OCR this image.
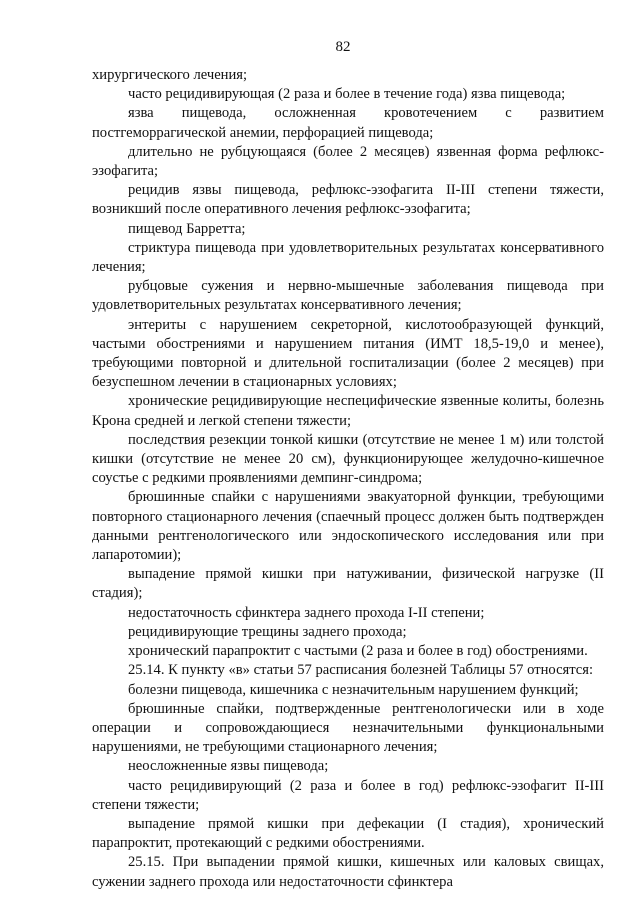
82

хирургического лечения;

часто рецидивирующая (2 раза и более в течение года) язва пищевода;

язва пищевода, осложненная кровотечением с развитием постгеморрагической анемии, перфорацией пищевода;

длительно не рубцующаяся (более 2 месяцев) язвенная форма рефлюкс-эзофагита;

рецидив язвы пищевода, рефлюкс-эзофагита II-III степени тяжести, возникший после оперативного лечения рефлюкс-эзофагита;

пищевод Барретта;

стриктура пищевода при удовлетворительных результатах консервативного лечения;

рубцовые сужения и нервно-мышечные заболевания пищевода при удовлетворительных результатах консервативного лечения;

энтериты с нарушением секреторной, кислотообразующей функций, частыми обострениями и нарушением питания (ИМТ 18,5-19,0 и менее), требующими повторной и длительной госпитализации (более 2 месяцев) при безуспешном лечении в стационарных условиях;

хронические рецидивирующие неспецифические язвенные колиты, болезнь Крона средней и легкой степени тяжести;

последствия резекции тонкой кишки (отсутствие не менее 1 м) или толстой кишки (отсутствие не менее 20 см), функционирующее желудочно-кишечное соустье с редкими проявлениями демпинг-синдрома;

брюшинные спайки с нарушениями эвакуаторной функции, требующими повторного стационарного лечения (спаечный процесс должен быть подтвержден данными рентгенологического или эндоскопического исследования или при лапаротомии);

выпадение прямой кишки при натуживании, физической нагрузке (II стадия);

недостаточность сфинктера заднего прохода I-II степени;

рецидивирующие трещины заднего прохода;

хронический парапроктит с частыми (2 раза и более в год) обострениями.

25.14. К пункту «в» статьи 57 расписания болезней Таблицы 57 относятся:

болезни пищевода, кишечника с незначительным нарушением функций;

брюшинные спайки, подтвержденные рентгенологически или в ходе операции и сопровождающиеся незначительными функциональными нарушениями, не требующими стационарного лечения;

неосложненные язвы пищевода;

часто рецидивирующий (2 раза и более в год) рефлюкс-эзофагит II-III степени тяжести;

выпадение прямой кишки при дефекации (I стадия), хронический парапроктит, протекающий с редкими обострениями.

25.15. При выпадении прямой кишки, кишечных или каловых свищах, сужении заднего прохода или недостаточности сфинктера
